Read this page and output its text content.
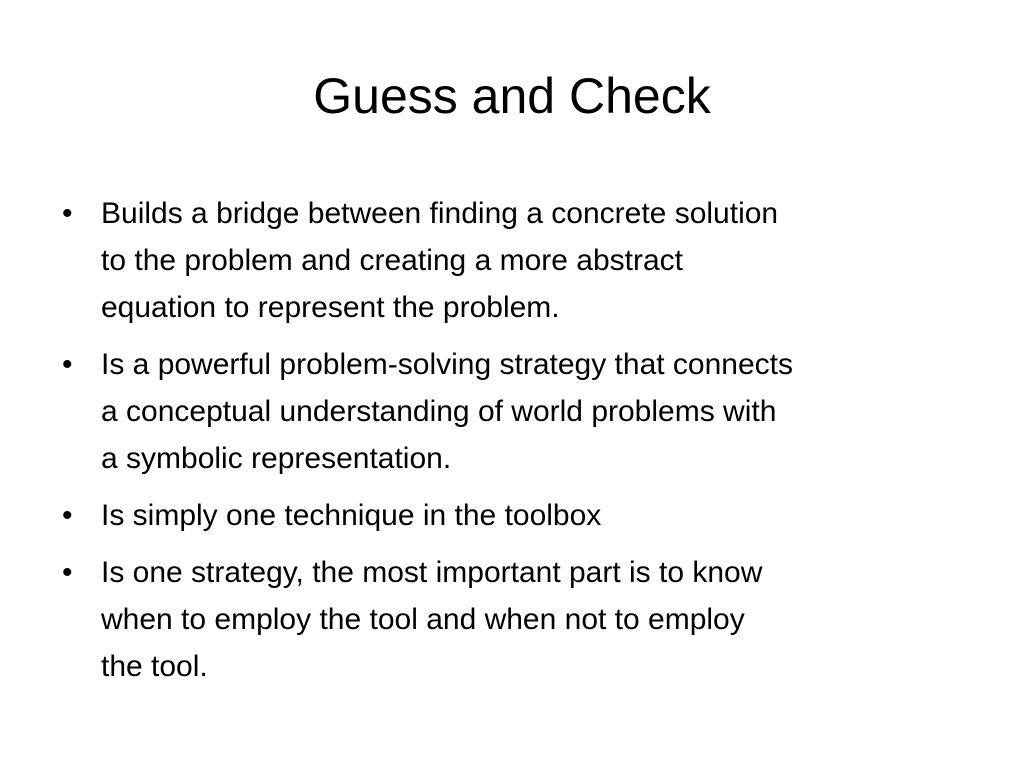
Guess and Check
• Builds a bridge between finding a concrete solution
to the problem and creating a more abstract
equation to represent the problem.
• Is a powerful problem-solving strategy that connects
a conceptual understanding of world problems with
a symbolic representation.
• Is simply one technique in the toolbox
• Is one strategy, the most important part is to know
when to employ the tool and when not to employ
the tool.
